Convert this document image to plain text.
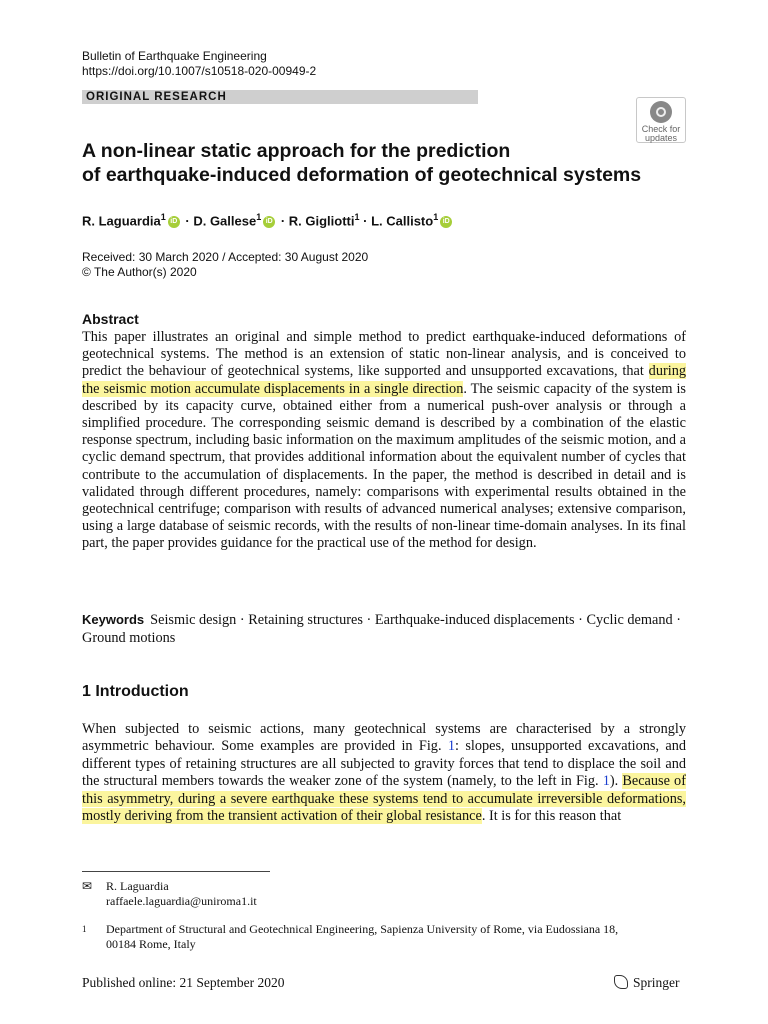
Bulletin of Earthquake Engineering
https://doi.org/10.1007/s10518-020-00949-2
ORIGINAL RESEARCH
Check for updates
A non-linear static approach for the prediction
of earthquake-induced deformation of geotechnical systems
R. Laguardia$^1$ iD · D. Gallese$^1$ iD · R. Gigliotti$^1$ · L. Callisto$^1$ iD
Received: 30 March 2020 / Accepted: 30 August 2020
© The Author(s) 2020
Abstract
This paper illustrates an original and simple method to predict earthquake-induced deformations of geotechnical systems. The method is an extension of static non-linear analysis, and is conceived to predict the behaviour of geotechnical systems, like supported and unsupported excavations, that during the seismic motion accumulate displacements in a single direction. The seismic capacity of the system is described by its capacity curve, obtained either from a numerical push-over analysis or through a simplified procedure. The corresponding seismic demand is described by a combination of the elastic response spectrum, including basic information on the maximum amplitudes of the seismic motion, and a cyclic demand spectrum, that provides additional information about the equivalent number of cycles that contribute to the accumulation of displacements. In the paper, the method is described in detail and is validated through different procedures, namely: comparisons with experimental results obtained in the geotechnical centrifuge; comparison with results of advanced numerical analyses; extensive comparison, using a large database of seismic records, with the results of non-linear time-domain analyses. In its final part, the paper provides guidance for the practical use of the method for design.
Keywords Seismic design · Retaining structures · Earthquake-induced displacements · Cyclic demand · Ground motions
1 Introduction
When subjected to seismic actions, many geotechnical systems are characterised by a strongly asymmetric behaviour. Some examples are provided in Fig. 1: slopes, unsupported excavations, and different types of retaining structures are all subjected to gravity forces that tend to displace the soil and the structural members towards the weaker zone of the system (namely, to the left in Fig. 1). Because of this asymmetry, during a severe earthquake these systems tend to accumulate irreversible deformations, mostly deriving from the transient activation of their global resistance. It is for this reason that
✉ R. Laguardia
raffaele.laguardia@uniroma1.it
1	Department of Structural and Geotechnical Engineering, Sapienza University of Rome, via Eudossiana 18, 00184 Rome, Italy
Published online: 21 September 2020	Springer
